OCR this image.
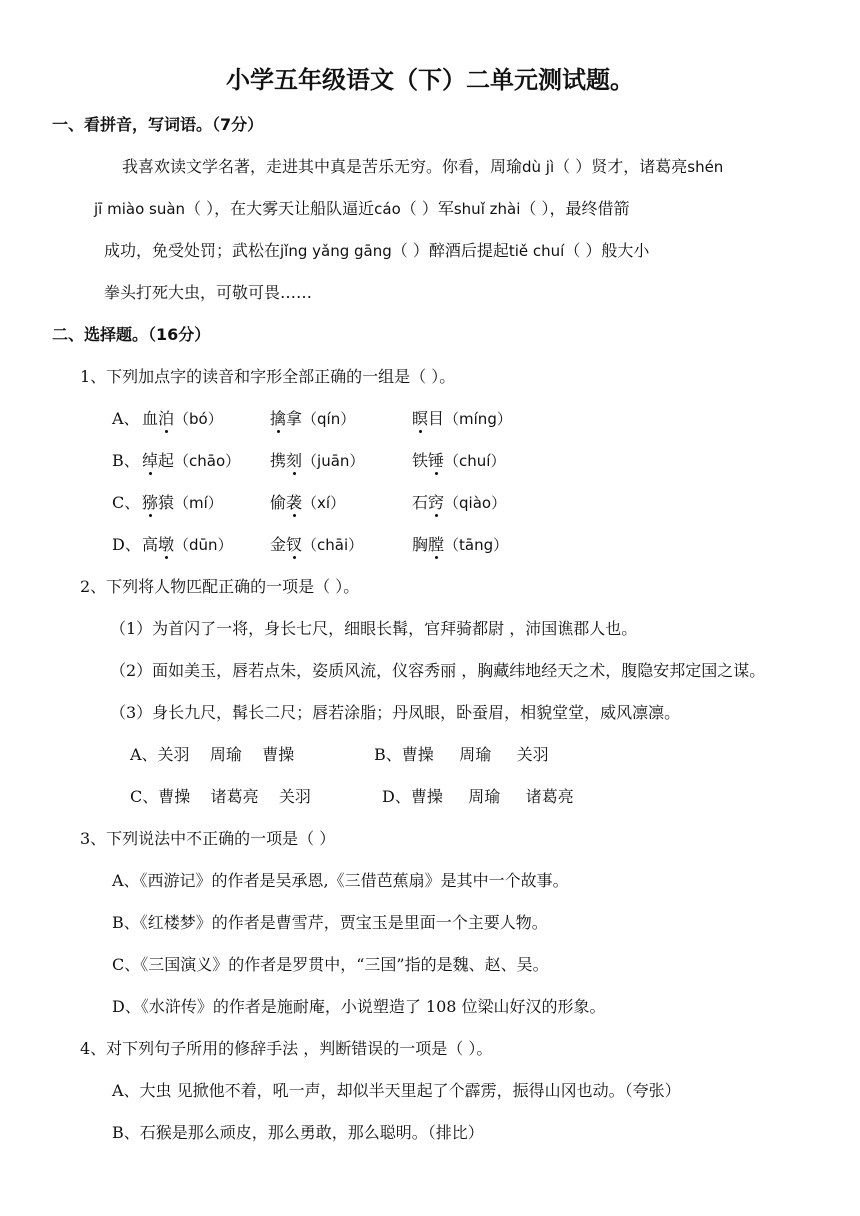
小学五年级语文（下）二单元测试题。
一、看拼音，写词语。（7分）
我喜欢读文学名著，走进其中真是苦乐无穷。你看，周瑜dù jì（ ）贤才，诸葛亮shén
jī miào suàn（ ），在大雾天让船队逼近cáo（ ）军shuǐ zhài（ ），最终借箭
成功，免受处罚；武松在jǐng yǎng gāng（ ）醉酒后提起tiě chuí（ ）般大小
拳头打死大虫，可敬可畏……
二、选择题。（16分）
1、下列加点字的读音和字形全部正确的一组是（ ）。
A、 血泊（bó）	擒拿（qín）	瞑目（míng）
B、 绰起（chāo） 携刻（juān）	铁锤（chuí）
C、 猕猿（mí）	偷袭（xí）	石窍（qiào）
D、高墩（dūn） 金钗（chāi）	胸膛（tāng）
2、下列将人物匹配正确的一项是（ ）。
（1）为首闪了一将，身长七尺，细眼长髯，官拜骑都尉 ，沛国谯郡人也。
（2）面如美玉，唇若点朱，姿质风流，仪容秀丽 ，胸藏纬地经天之术，腹隐安邦定国之谋。
（3）身长九尺，髯长二尺；唇若涂脂；丹凤眼，卧蚕眉，相貌堂堂，威风凛凛。
A、关羽    周瑜    曹操	B、曹操     周瑜     关羽
C、曹操    诸葛亮    关羽	D、曹操     周瑜     诸葛亮
3、下列说法中不正确的一项是（ ）
A、《西游记》的作者是吴承恩,《三借芭蕉扇》是其中一个故事。
B、《红楼梦》的作者是曹雪芹，贾宝玉是里面一个主要人物。
C、《三国演义》的作者是罗贯中，“三国”指的是魏、赵、吴。
D、《水浒传》的作者是施耐庵，小说塑造了 108 位梁山好汉的形象。
4、对下列句子所用的修辞手法 ，判断错误的一项是（ ）。
A、大虫 见掀他不着，吼一声，却似半天里起了个霹雳，振得山冈也动。（夸张）
B、石猴是那么顽皮，那么勇敢，那么聪明。（排比）
